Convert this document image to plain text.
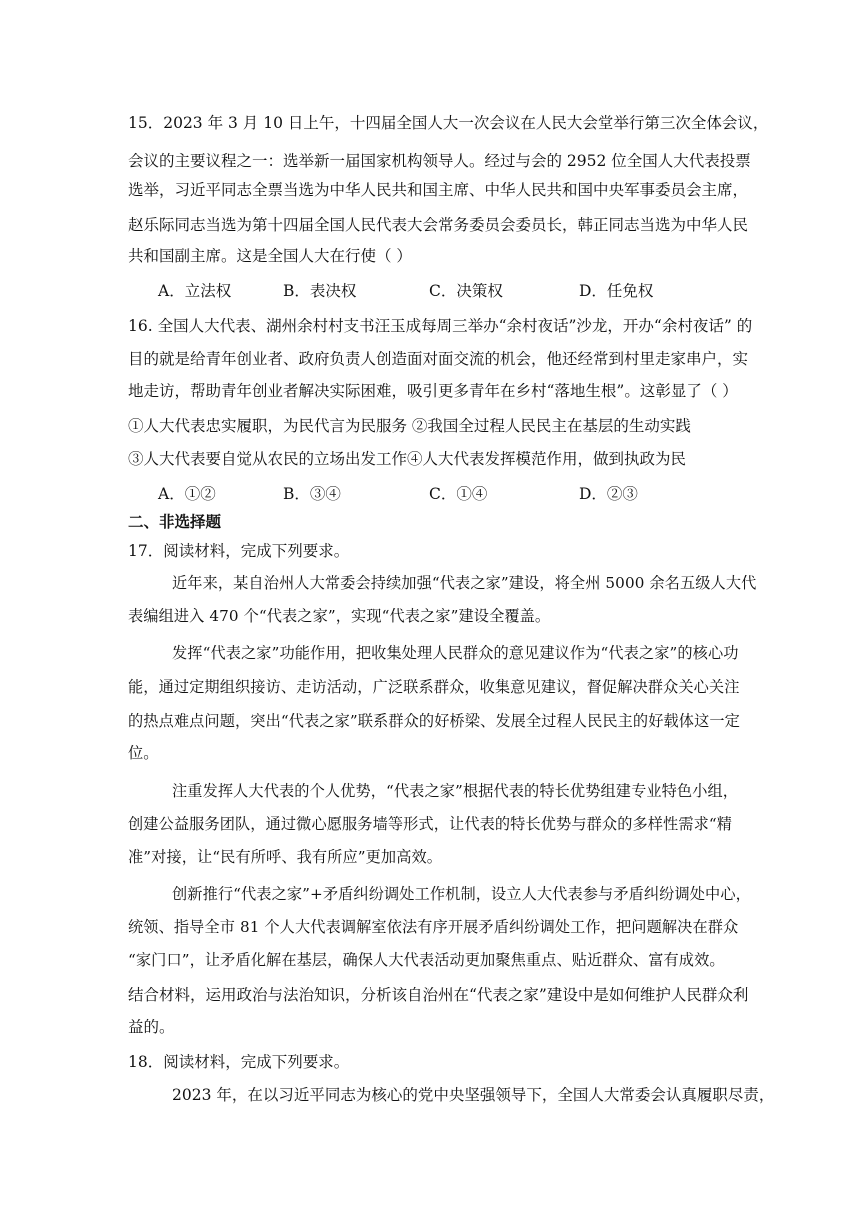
15．2023 年 3 月 10 日上午，十四届全国人大一次会议在人民大会堂举行第三次全体会议，
会议的主要议程之一：选举新一届国家机构领导人。经过与会的 2952 位全国人大代表投票
选举，习近平同志全票当选为中华人民共和国主席、中华人民共和国中央军事委员会主席，
赵乐际同志当选为第十四届全国人民代表大会常务委员会委员长，韩正同志当选为中华人民
共和国副主席。这是全国人大在行使（ ）
A．立法权	B．表决权	C．决策权	D．任免权
16. 全国人大代表、湖州余村村支书汪玉成每周三举办“余村夜话”沙龙，开办“余村夜话” 的
目的就是给青年创业者、政府负责人创造面对面交流的机会，他还经常到村里走家串户，实
地走访，帮助青年创业者解决实际困难，吸引更多青年在乡村“落地生根”。这彰显了（ ）
①人大代表忠实履职，为民代言为民服务 ②我国全过程人民民主在基层的生动实践
③人大代表要自觉从农民的立场出发工作④人大代表发挥模范作用，做到执政为民
A．①②	B．③④	C．①④	D．②③
二、非选择题
17．阅读材料，完成下列要求。
近年来，某自治州人大常委会持续加强“代表之家”建设，将全州 5000 余名五级人大代
表编组进入 470 个“代表之家”，实现“代表之家”建设全覆盖。
发挥“代表之家”功能作用，把收集处理人民群众的意见建议作为“代表之家”的核心功
能，通过定期组织接访、走访活动，广泛联系群众，收集意见建议，督促解决群众关心关注
的热点难点问题，突出“代表之家”联系群众的好桥梁、发展全过程人民民主的好载体这一定
位。
注重发挥人大代表的个人优势，“代表之家”根据代表的特长优势组建专业特色小组，
创建公益服务团队，通过微心愿服务墙等形式，让代表的特长优势与群众的多样性需求“精
准”对接，让“民有所呼、我有所应”更加高效。
创新推行“代表之家”+矛盾纠纷调处工作机制，设立人大代表参与矛盾纠纷调处中心，
统领、指导全市 81 个人大代表调解室依法有序开展矛盾纠纷调处工作，把问题解决在群众
“家门口”，让矛盾化解在基层，确保人大代表活动更加聚焦重点、贴近群众、富有成效。
结合材料，运用政治与法治知识，分析该自治州在“代表之家”建设中是如何维护人民群众利
益的。
18．阅读材料，完成下列要求。
2023 年，在以习近平同志为核心的党中央坚强领导下，全国人大常委会认真履职尽责，
